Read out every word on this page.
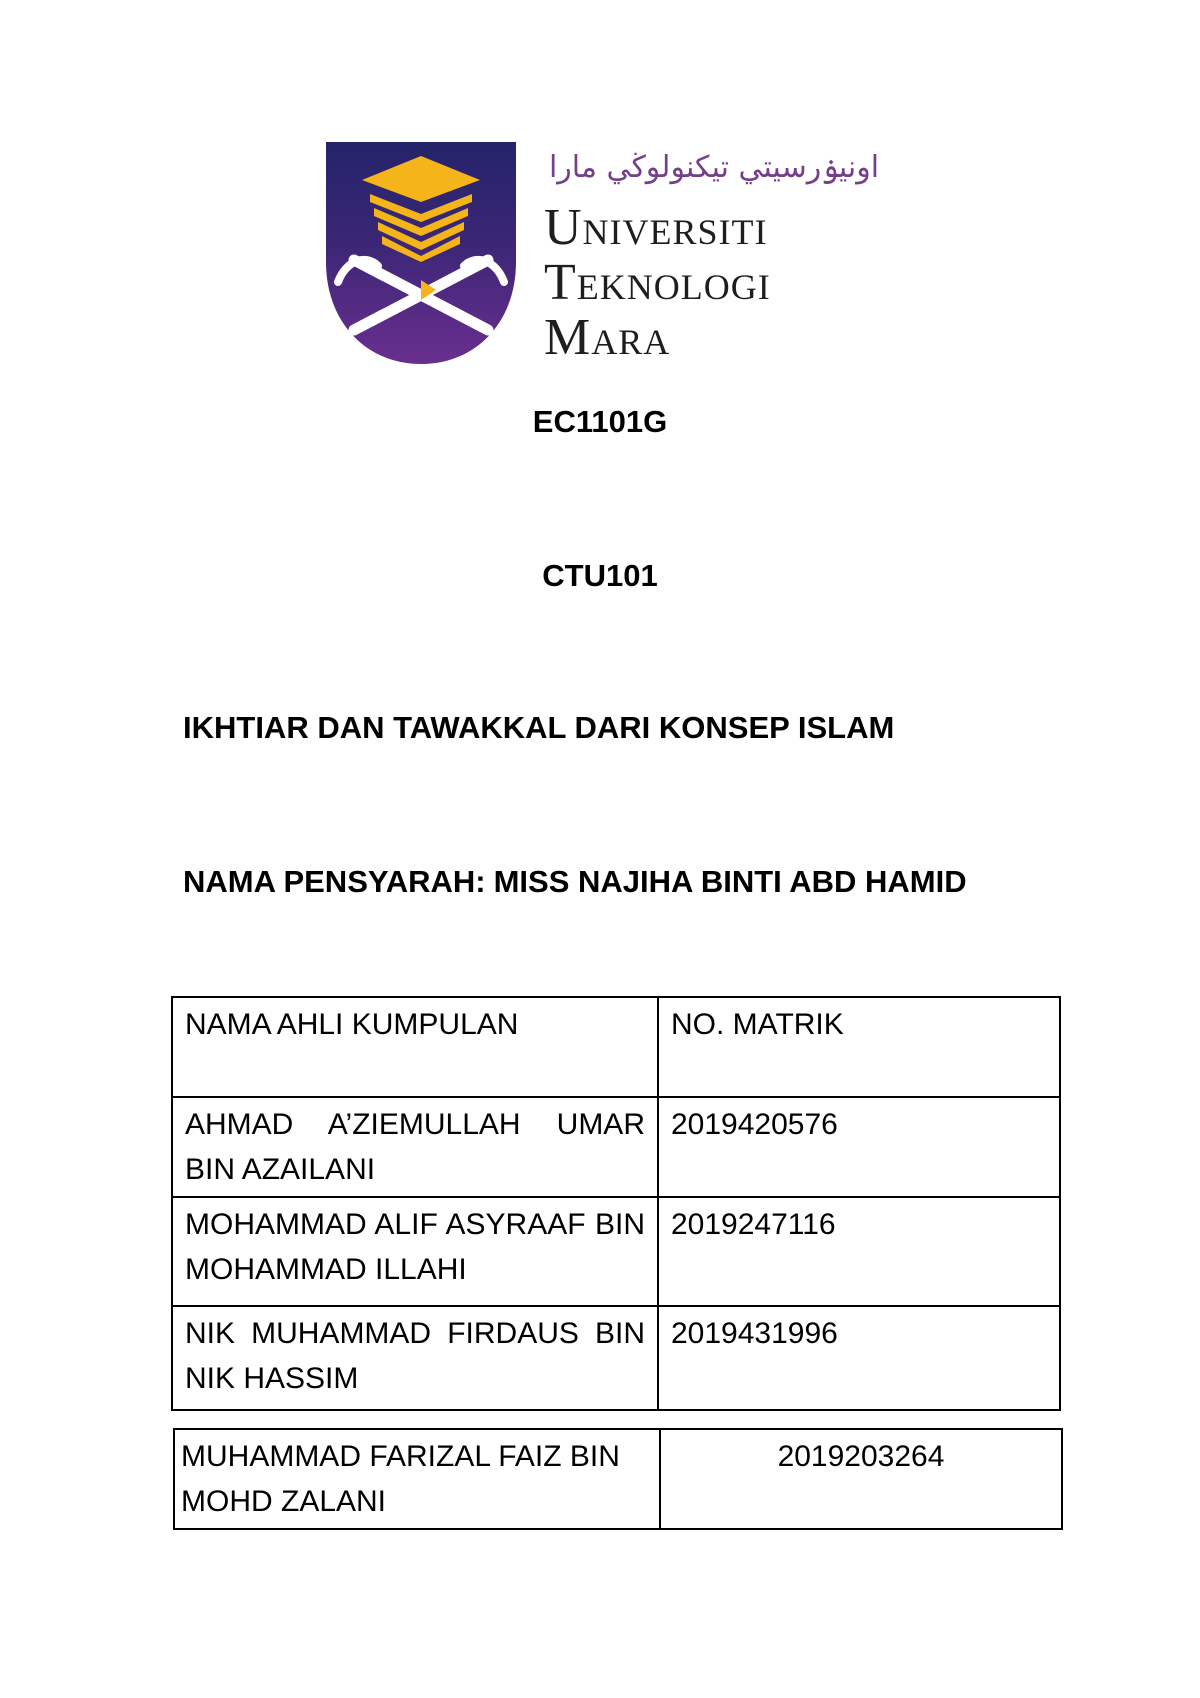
اونيۏرسيتي تيكنولوڬي مارا
Universiti
Teknologi
Mara
EC1101G
CTU101
IKHTIAR DAN TAWAKKAL DARI KONSEP ISLAM
NAMA PENSYARAH: MISS NAJIHA BINTI ABD HAMID
NAMA AHLI KUMPULAN	NO. MATRIK
AHMAD A’ZIEMULLAH UMAR BIN AZAILANI	2019420576
MOHAMMAD ALIF ASYRAAF BIN MOHAMMAD ILLAHI	2019247116
NIK MUHAMMAD FIRDAUS BIN NIK HASSIM	2019431996
MUHAMMAD FARIZAL FAIZ BIN MOHD ZALANI	2019203264
